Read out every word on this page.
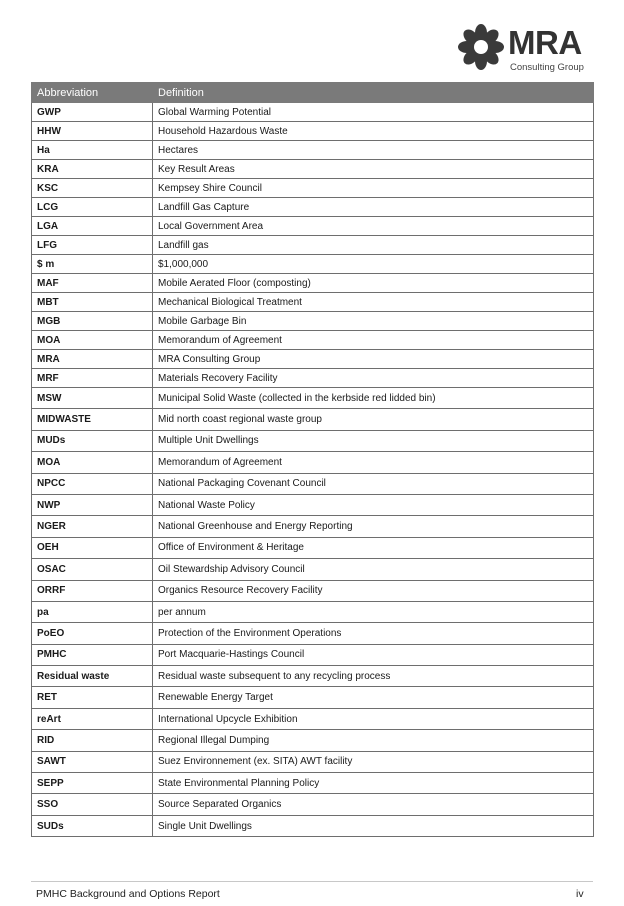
MRA
Consulting Group
Abbreviation	Definition
GWP	Global Warming Potential
HHW	Household Hazardous Waste
Ha	Hectares
KRA	Key Result Areas
KSC	Kempsey Shire Council
LCG	Landfill Gas Capture
LGA	Local Government Area
LFG	Landfill gas
$ m	$1,000,000
MAF	Mobile Aerated Floor (composting)
MBT	Mechanical Biological Treatment
MGB	Mobile Garbage Bin
MOA	Memorandum of Agreement
MRA	MRA Consulting Group
MRF	Materials Recovery Facility
MSW	Municipal Solid Waste (collected in the kerbside red lidded bin)
MIDWASTE	Mid north coast regional waste group
MUDs	Multiple Unit Dwellings
MOA	Memorandum of Agreement
NPCC	National Packaging Covenant Council
NWP	National Waste Policy
NGER	National Greenhouse and Energy Reporting
OEH	Office of Environment & Heritage
OSAC	Oil Stewardship Advisory Council
ORRF	Organics Resource Recovery Facility
pa	per annum
PoEO	Protection of the Environment Operations
PMHC	Port Macquarie-Hastings Council
Residual waste	Residual waste subsequent to any recycling process
RET	Renewable Energy Target
reArt	International Upcycle Exhibition
RID	Regional Illegal Dumping
SAWT	Suez Environnement (ex. SITA) AWT facility
SEPP	State Environmental Planning Policy
SSO	Source Separated Organics
SUDs	Single Unit Dwellings
PMHC Background and Options Report	iv
